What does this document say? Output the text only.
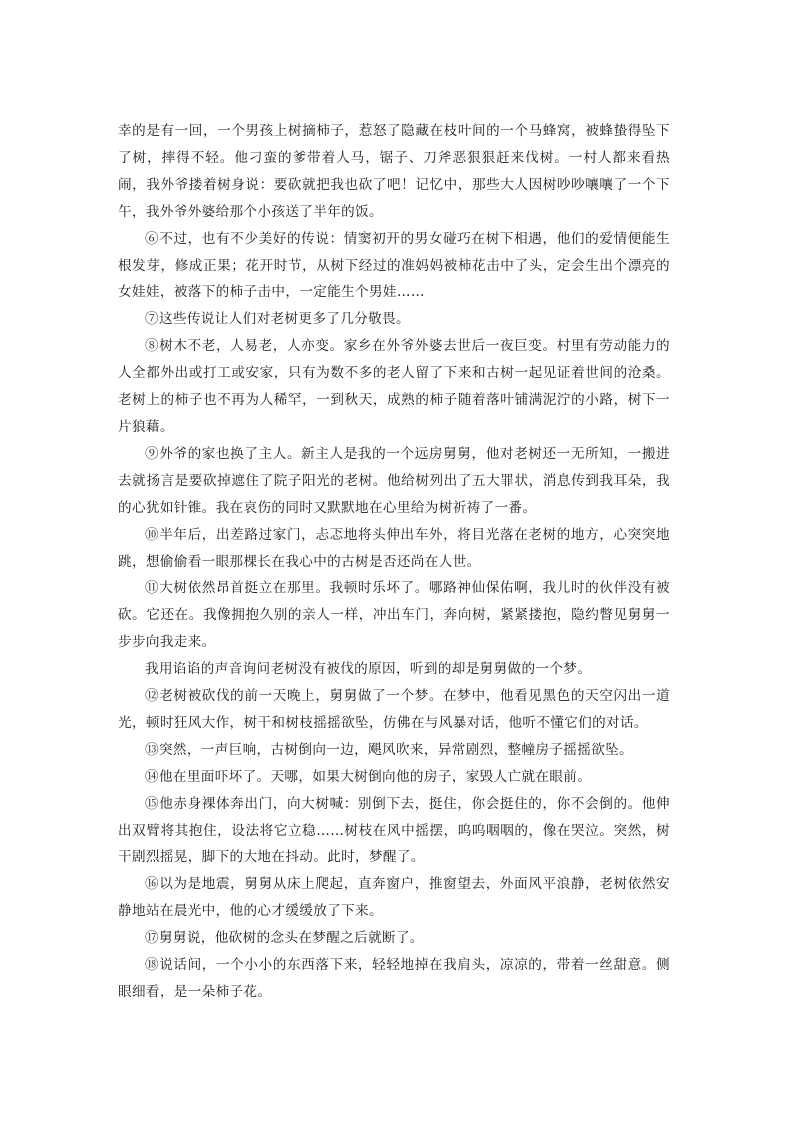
幸的是有一回，一个男孩上树摘柿子，惹怒了隐藏在枝叶间的一个马蜂窝，被蜂蛰得坠下了树，摔得不轻。他刁蛮的爹带着人马，锯子、刀斧恶狠狠赶来伐树。一村人都来看热闹，我外爷搂着树身说：要砍就把我也砍了吧！记忆中，那些大人因树吵吵嚷嚷了一个下午，我外爷外婆给那个小孩送了半年的饭。

⑥不过，也有不少美好的传说：情窦初开的男女碰巧在树下相遇，他们的爱情便能生根发芽，修成正果；花开时节，从树下经过的准妈妈被柿花击中了头，定会生出个漂亮的女娃娃，被落下的柿子击中，一定能生个男娃……

⑦这些传说让人们对老树更多了几分敬畏。

⑧树木不老，人易老，人亦变。家乡在外爷外婆去世后一夜巨变。村里有劳动能力的人全都外出或打工或安家，只有为数不多的老人留了下来和古树一起见证着世间的沧桑。老树上的柿子也不再为人稀罕，一到秋天，成熟的柿子随着落叶铺满泥泞的小路，树下一片狼藉。

⑨外爷的家也换了主人。新主人是我的一个远房舅舅，他对老树还一无所知，一搬进去就扬言是要砍掉遮住了院子阳光的老树。他给树列出了五大罪状，消息传到我耳朵，我的心犹如针锥。我在哀伤的同时又默默地在心里给为树祈祷了一番。

⑩半年后，出差路过家门，忐忑地将头伸出车外，将目光落在老树的地方，心突突地跳，想偷偷看一眼那棵长在我心中的古树是否还尚在人世。

⑪大树依然昂首挺立在那里。我顿时乐坏了。哪路神仙保佑啊，我儿时的伙伴没有被砍。它还在。我像拥抱久别的亲人一样，冲出车门，奔向树，紧紧搂抱，隐约瞥见舅舅一步步向我走来。

我用谄谄的声音询问老树没有被伐的原因，听到的却是舅舅做的一个梦。

⑫老树被砍伐的前一天晚上，舅舅做了一个梦。在梦中，他看见黑色的天空闪出一道光，顿时狂风大作，树干和树枝摇摇欲坠，仿佛在与风暴对话，他听不懂它们的对话。

⑬突然，一声巨响，古树倒向一边，飓风吹来，异常剧烈，整幢房子摇摇欲坠。

⑭他在里面吓坏了。天哪，如果大树倒向他的房子，家毁人亡就在眼前。

⑮他赤身裸体奔出门，向大树喊：别倒下去，挺住，你会挺住的，你不会倒的。他伸出双臂将其抱住，设法将它立稳……树枝在风中摇摆，呜呜咽咽的，像在哭泣。突然，树干剧烈摇晃，脚下的大地在抖动。此时，梦醒了。

⑯以为是地震，舅舅从床上爬起，直奔窗户，推窗望去，外面风平浪静，老树依然安静地站在晨光中，他的心才缓缓放了下来。

⑰舅舅说，他砍树的念头在梦醒之后就断了。

⑱说话间，一个小小的东西落下来，轻轻地掉在我肩头，凉凉的，带着一丝甜意。侧眼细看，是一朵柿子花。
